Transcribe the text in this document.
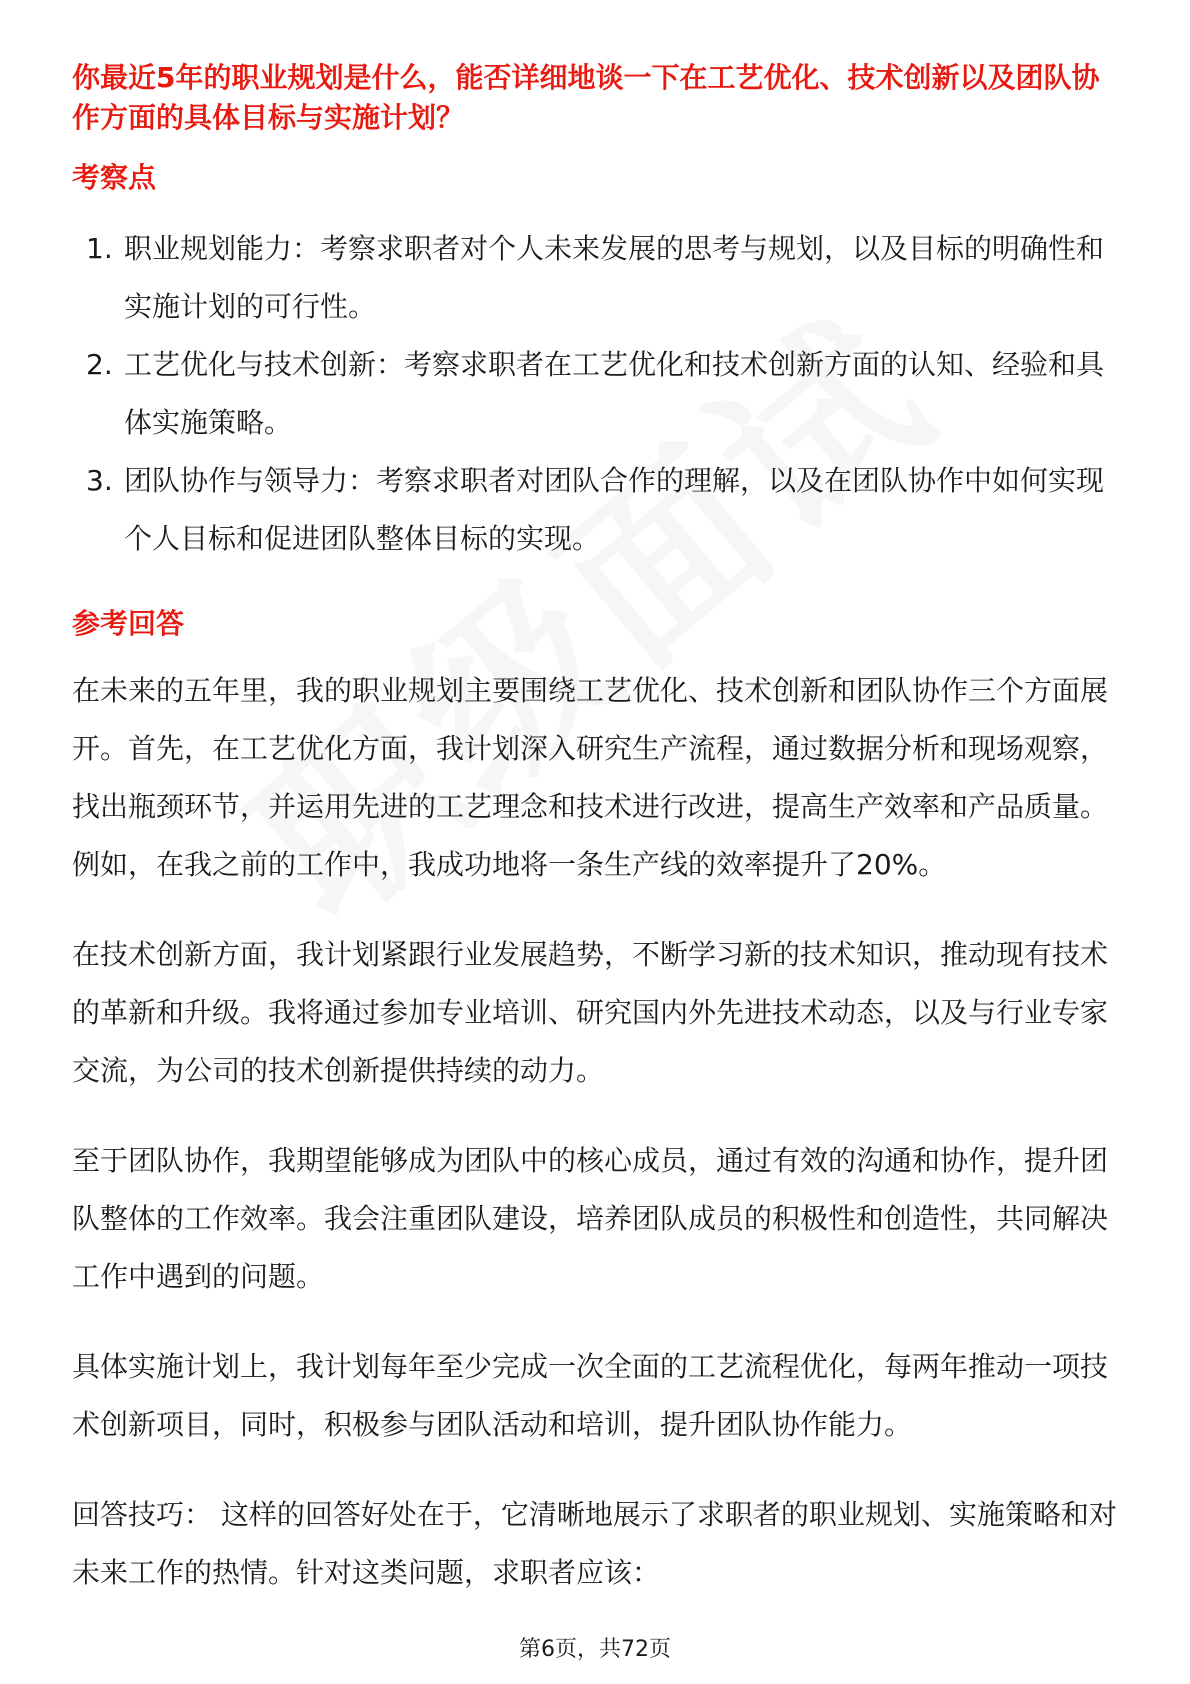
你最近5年的职业规划是什么，能否详细地谈一下在工艺优化、技术创新以及团队协作方面的具体目标与实施计划？
考察点
1. 职业规划能力：考察求职者对个人未来发展的思考与规划，以及目标的明确性和实施计划的可行性。
2. 工艺优化与技术创新：考察求职者在工艺优化和技术创新方面的认知、经验和具体实施策略。
3. 团队协作与领导力：考察求职者对团队合作的理解，以及在团队协作中如何实现个人目标和促进团队整体目标的实现。
参考回答

在未来的五年里，我的职业规划主要围绕工艺优化、技术创新和团队协作三个方面展开。首先，在工艺优化方面，我计划深入研究生产流程，通过数据分析和现场观察，找出瓶颈环节，并运用先进的工艺理念和技术进行改进，提高生产效率和产品质量。例如，在我之前的工作中，我成功地将一条生产线的效率提升了20%。

在技术创新方面，我计划紧跟行业发展趋势，不断学习新的技术知识，推动现有技术的革新和升级。我将通过参加专业培训、研究国内外先进技术动态，以及与行业专家交流，为公司的技术创新提供持续的动力。

至于团队协作，我期望能够成为团队中的核心成员，通过有效的沟通和协作，提升团队整体的工作效率。我会注重团队建设，培养团队成员的积极性和创造性，共同解决工作中遇到的问题。

具体实施计划上，我计划每年至少完成一次全面的工艺流程优化，每两年推动一项技术创新项目，同时，积极参与团队活动和培训，提升团队协作能力。

回答技巧： 这样的回答好处在于，它清晰地展示了求职者的职业规划、实施策略和对未来工作的热情。针对这类问题，求职者应该：

第6页，共72页
